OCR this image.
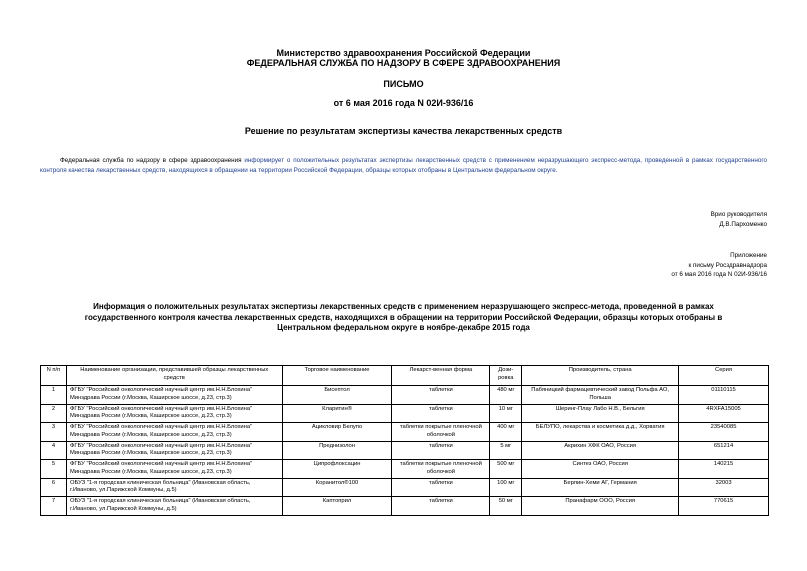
Министерство здравоохранения Российской Федерации
ФЕДЕРАЛЬНАЯ СЛУЖБА ПО НАДЗОРУ В СФЕРЕ ЗДРАВООХРАНЕНИЯ
ПИСЬМО
от 6 мая 2016 года N 02И-936/16
Решение по результатам экспертизы качества лекарственных средств
Федеральная служба по надзору в сфере здравоохранения информирует о положительных результатах экспертизы лекарственных средств с применением неразрушающего экспресс-метода, проведенной в рамках государственного контроля качества лекарственных средств, находящихся в обращении на территории Российской Федерации, образцы которых отобраны в Центральном федеральном округе.
Врио руководителя
Д.В.Пархоменко
Приложение
к письму Росздравнадзора
от 6 мая 2016 года N 02И-936/16
Информация о положительных результатах экспертизы лекарственных средств с применением неразрушающего экспресс-метода, проведенной в рамках
государственного контроля качества лекарственных средств, находящихся в обращении на территории Российской Федерации, образцы которых отобраны в
Центральном федеральном округе в ноябре-декабре 2015 года
N п/п	Наименование организации, представившей образцы лекарственных средств	Торговое наименование	Лекарст-венная форма	Дози-ровка	Производитель, страна	Серия
1	ФГБУ "Российский онкологический научный центр им.Н.Н.Блохина" Минздрава России (г.Москва, Каширское шоссе, д.23, стр.3)	Бисептол	таблетки	480 мг	Пабяницкий фармацевтический завод Польфа АО, Польша	01110115
2	ФГБУ "Российский онкологический научный центр им.Н.Н.Блохина" Минздрава России (г.Москва, Каширское шоссе, д.23, стр.3)	Кларитин®	таблетки	10 мг	Шеринг-Плау Лабо Н.В., Бельгия	4RXFA15005
3	ФГБУ "Российский онкологический научный центр им.Н.Н.Блохина" Минздрава России (г.Москва, Каширское шоссе, д.23, стр.3)	Ацикловир Белупо	таблетки покрытые пленочной оболочкой	400 мг	БЕЛУПО, лекарства и косметика д.д., Хорватия	23540085
4	ФГБУ "Российский онкологический научный центр им.Н.Н.Блохина" Минздрава России (г.Москва, Каширское шоссе, д.23, стр.3)	Преднизолон	таблетки	5 мг	Акрихин ХФК ОАО, Россия	651214
5	ФГБУ "Российский онкологический научный центр им.Н.Н.Блохина" Минздрава России (г.Москва, Каширское шоссе, д.23, стр.3)	Ципрофлоксацин	таблетки покрытые пленочной оболочкой	500 мг	Синтез ОАО, Россия	140215
6	ОБУЗ "1-я городская клиническая больница" (Ивановская область, г.Иваново, ул.Парижской Коммуны, д.5)	Коранитол®100	таблетки	100 мг	Берлин-Хеми АГ, Германия	32003
7	ОБУЗ "1-я городская клиническая больница" (Ивановская область, г.Иваново, ул.Парижской Коммуны, д.5)	Каптоприл	таблетки	50 мг	Пранафарм ООО, Россия	770615
